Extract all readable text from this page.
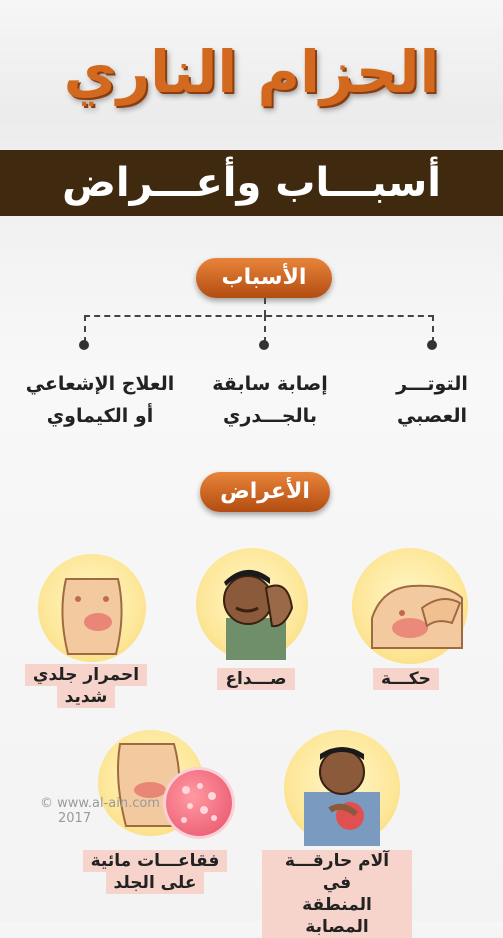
الحزام الناري
أسبـــاب وأعـــراض
الأسباب
التوتـــر
العصبي
إصابة سابقة
بالجـــدري
العلاج الإشعاعي
أو الكيماوي
الأعراض
حكـــة
صـــداع
احمرار جلدي
شديد
© www.al-ain.com
2017
آلام حارقـــة في
المنطقة المصابة
فقاعـــات مائية
على الجلد
